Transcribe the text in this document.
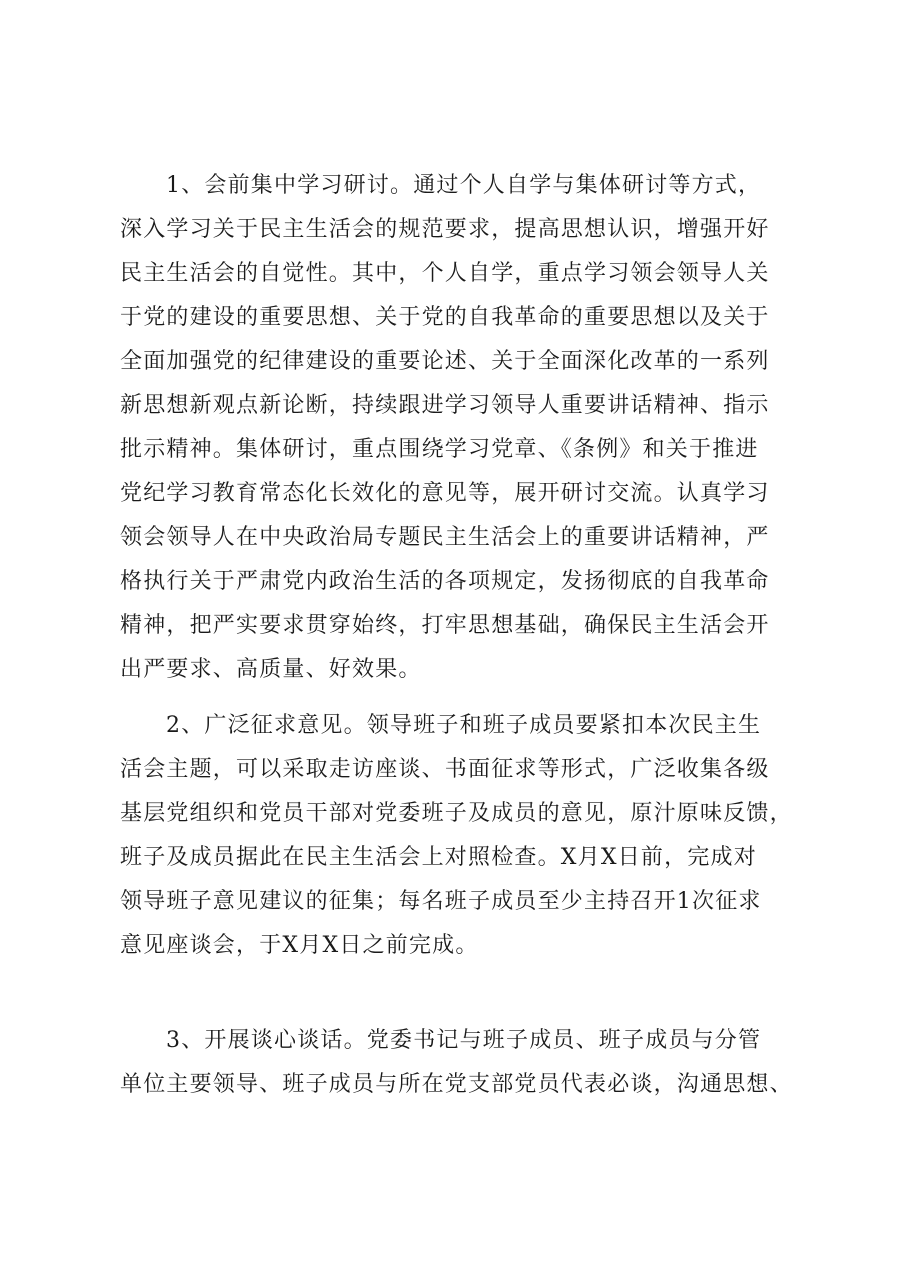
1、会前集中学习研讨。通过个人自学与集体研讨等方式，
深入学习关于民主生活会的规范要求，提高思想认识，增强开好
民主生活会的自觉性。其中，个人自学，重点学习领会领导人关
于党的建设的重要思想、关于党的自我革命的重要思想以及关于
全面加强党的纪律建设的重要论述、关于全面深化改革的一系列
新思想新观点新论断，持续跟进学习领导人重要讲话精神、指示
批示精神。集体研讨，重点围绕学习党章、《条例》和关于推进
党纪学习教育常态化长效化的意见等，展开研讨交流。认真学习
领会领导人在中央政治局专题民主生活会上的重要讲话精神，严
格执行关于严肃党内政治生活的各项规定，发扬彻底的自我革命
精神，把严实要求贯穿始终，打牢思想基础，确保民主生活会开
出严要求、高质量、好效果。
2、广泛征求意见。领导班子和班子成员要紧扣本次民主生
活会主题，可以采取走访座谈、书面征求等形式，广泛收集各级
基层党组织和党员干部对党委班子及成员的意见，原汁原味反馈，
班子及成员据此在民主生活会上对照检查。X月X日前，完成对
领导班子意见建议的征集；每名班子成员至少主持召开1次征求
意见座谈会，于X月X日之前完成。
3、开展谈心谈话。党委书记与班子成员、班子成员与分管
单位主要领导、班子成员与所在党支部党员代表必谈，沟通思想、
